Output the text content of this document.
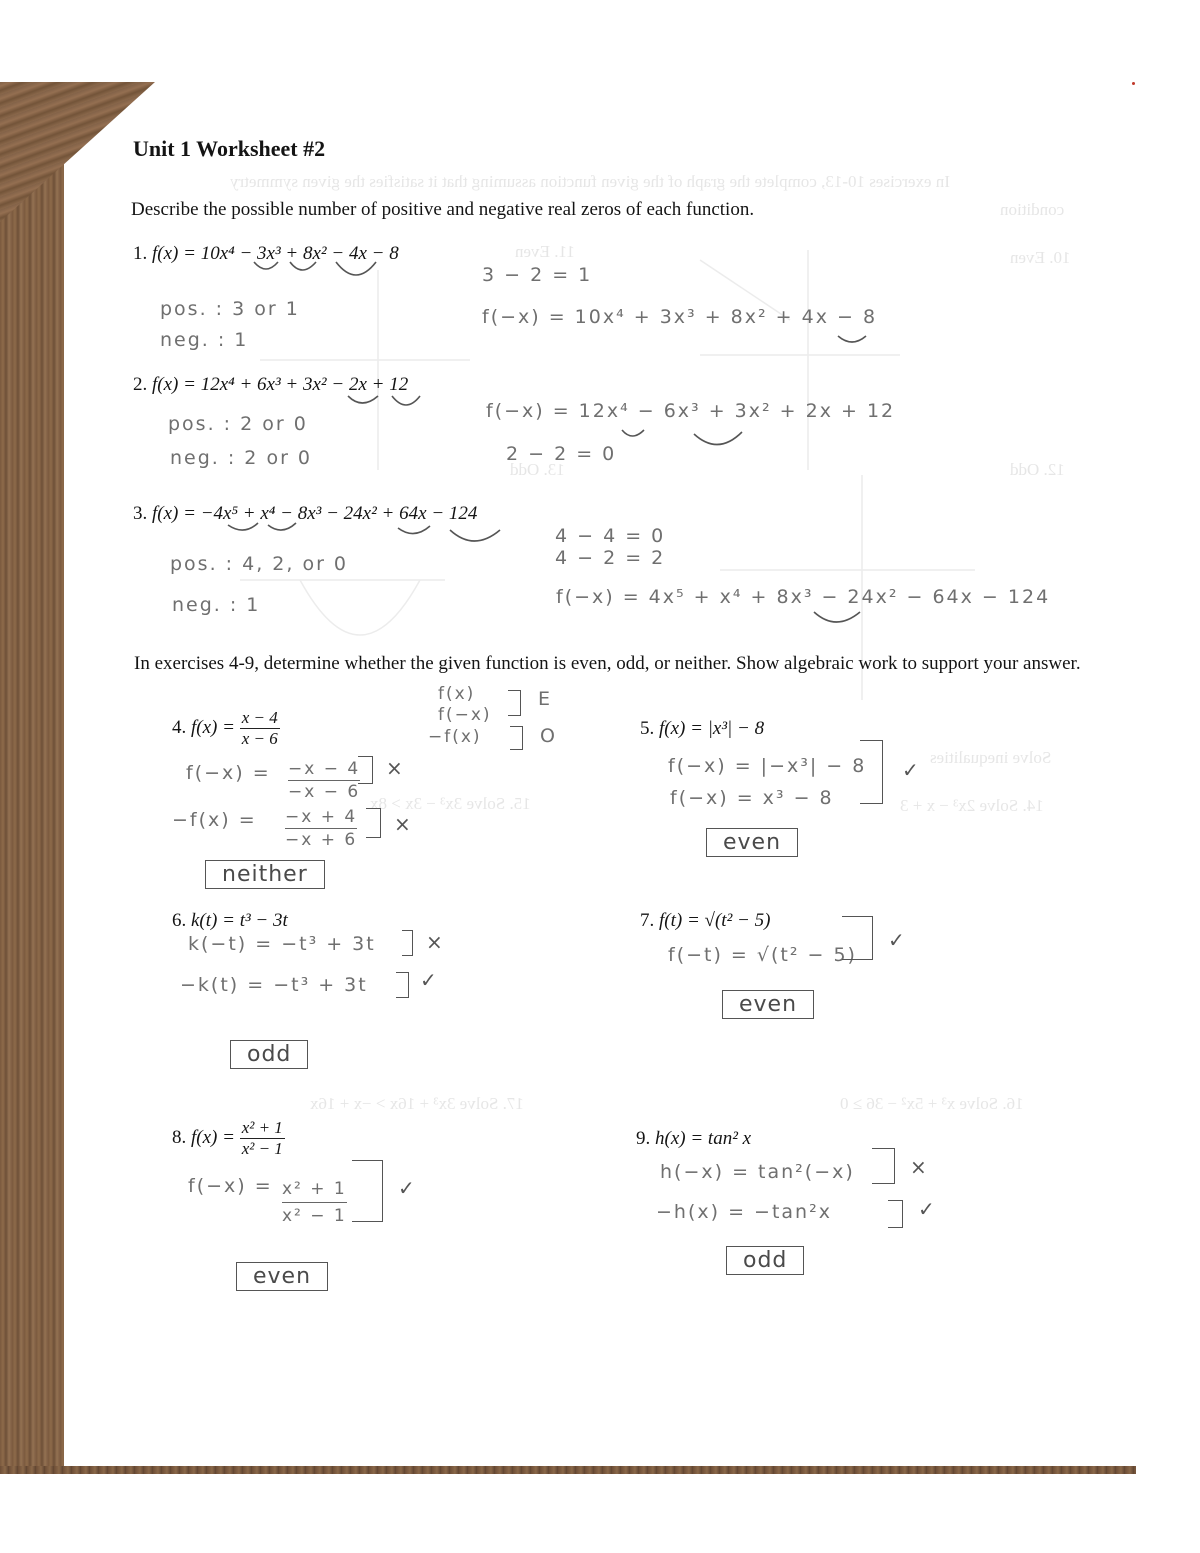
In exercises 10-13, complete the graph of the given function assuming that it satisfies the given symmetry
condition
10. Even
11. Even
12. Odd
13. Odd
Solve inequalities
14. Solve 2x³ − x + 3
15. Solve 3x³ − 3x > 8x
16. Solve x³ + 5x² − 36 ≥ 0
17. Solve 3x³ + 16x > −x + 16x
Unit 1 Worksheet #2
Describe the possible number of positive and negative real zeros of each function.
1. f(x) = 10x⁴ − 3x³ + 8x² − 4x − 8
pos. : 3 or 1
neg. : 1
3 − 2 = 1
f(−x) = 10x⁴ + 3x³ + 8x² + 4x − 8
2. f(x) = 12x⁴ + 6x³ + 3x² − 2x + 12
pos. : 2 or 0
neg. : 2 or 0
f(−x) = 12x⁴ − 6x³ + 3x² + 2x + 12
2 − 2 = 0
3. f(x) = −4x⁵ + x⁴ − 8x³ − 24x² + 64x − 124
pos. : 4, 2, or 0
neg. : 1
4 − 4 = 0
4 − 2 = 2
f(−x) = 4x⁵ + x⁴ + 8x³ − 24x² − 64x − 124
In exercises 4-9, determine whether the given function is even, odd, or neither. Show algebraic work to support your answer.
f(x)
f(−x)
−f(x)
E
O
4. $f(x) = \frac{x - 4}{x - 6}$
$f(-x) = \frac{-x - 4}{-x - 6}$ ×
$-f(x) = \frac{-x + 4}{-x + 6}$ ×
neither
5. f(x) = |x³| − 8
f(−x) = |−x³| − 8
f(−x) = x³ − 8
✓
even
6. k(t) = t³ − 3t
k(−t) = −t³ + 3t	×
−k(t) = −t³ + 3t	✓
odd
7. f(t) = √(t² − 5)
f(−t) = √(t² − 5)
✓
even
8. $f(x) = \frac{\text{x² + 1}}{\text{x² − 1}}$
$f(-x) = \frac{\text{x² + 1}}{\text{x² − 1}}$	✓
even
9. h(x) = tan² x
h(−x) = tan²(−x)	×
−h(x) = −tan²x	✓
odd
